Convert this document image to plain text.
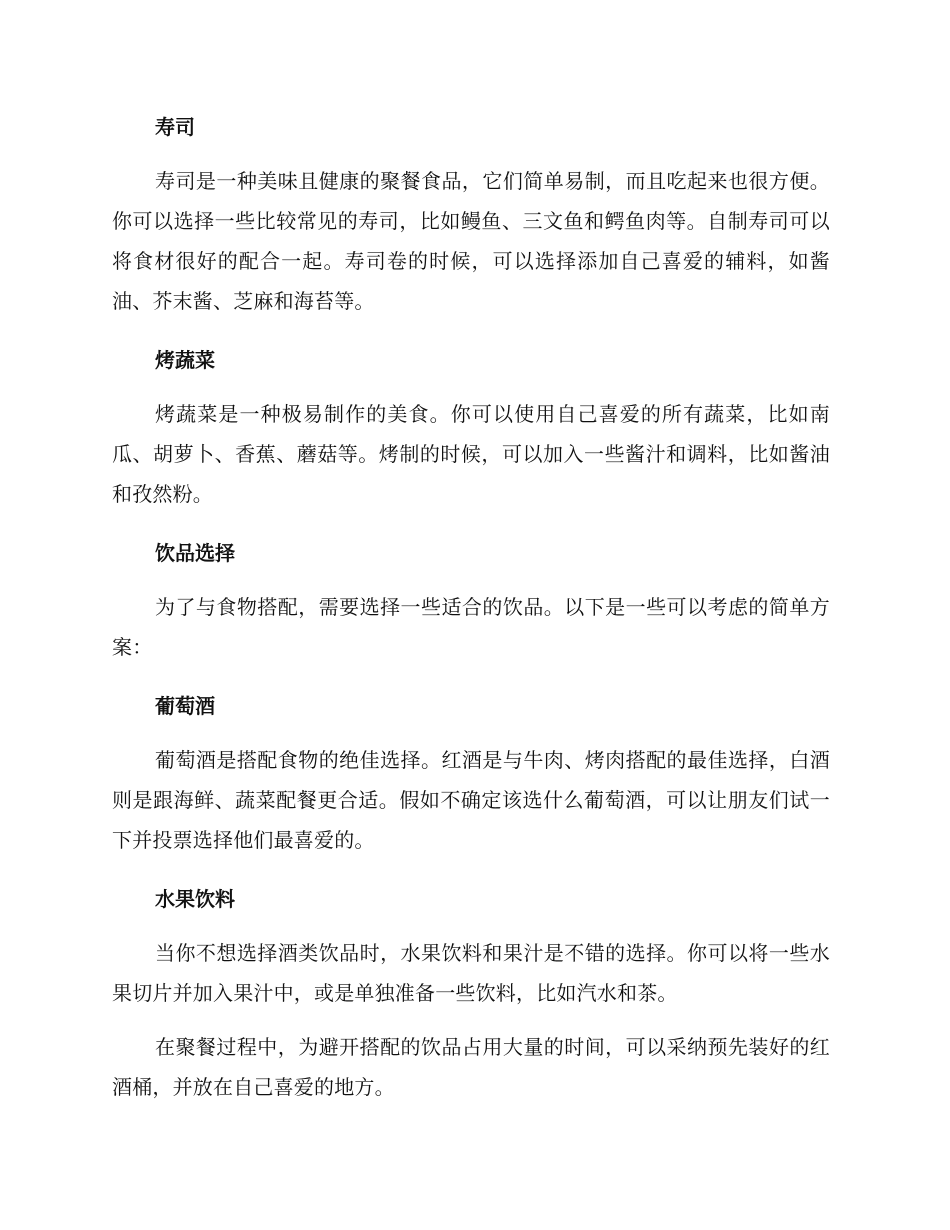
寿司

寿司是一种美味且健康的聚餐食品，它们简单易制，而且吃起来也很方便。你可以选择一些比较常见的寿司，比如鳗鱼、三文鱼和鳄鱼肉等。自制寿司可以将食材很好的配合一起。寿司卷的时候，可以选择添加自己喜爱的辅料，如酱油、芥末酱、芝麻和海苔等。

烤蔬菜

烤蔬菜是一种极易制作的美食。你可以使用自己喜爱的所有蔬菜，比如南瓜、胡萝卜、香蕉、蘑菇等。烤制的时候，可以加入一些酱汁和调料，比如酱油和孜然粉。

饮品选择

为了与食物搭配，需要选择一些适合的饮品。以下是一些可以考虑的简单方案：

葡萄酒

葡萄酒是搭配食物的绝佳选择。红酒是与牛肉、烤肉搭配的最佳选择，白酒则是跟海鲜、蔬菜配餐更合适。假如不确定该选什么葡萄酒，可以让朋友们试一下并投票选择他们最喜爱的。

水果饮料

当你不想选择酒类饮品时，水果饮料和果汁是不错的选择。你可以将一些水果切片并加入果汁中，或是单独准备一些饮料，比如汽水和茶。

在聚餐过程中，为避开搭配的饮品占用大量的时间，可以采纳预先装好的红酒桶，并放在自己喜爱的地方。
